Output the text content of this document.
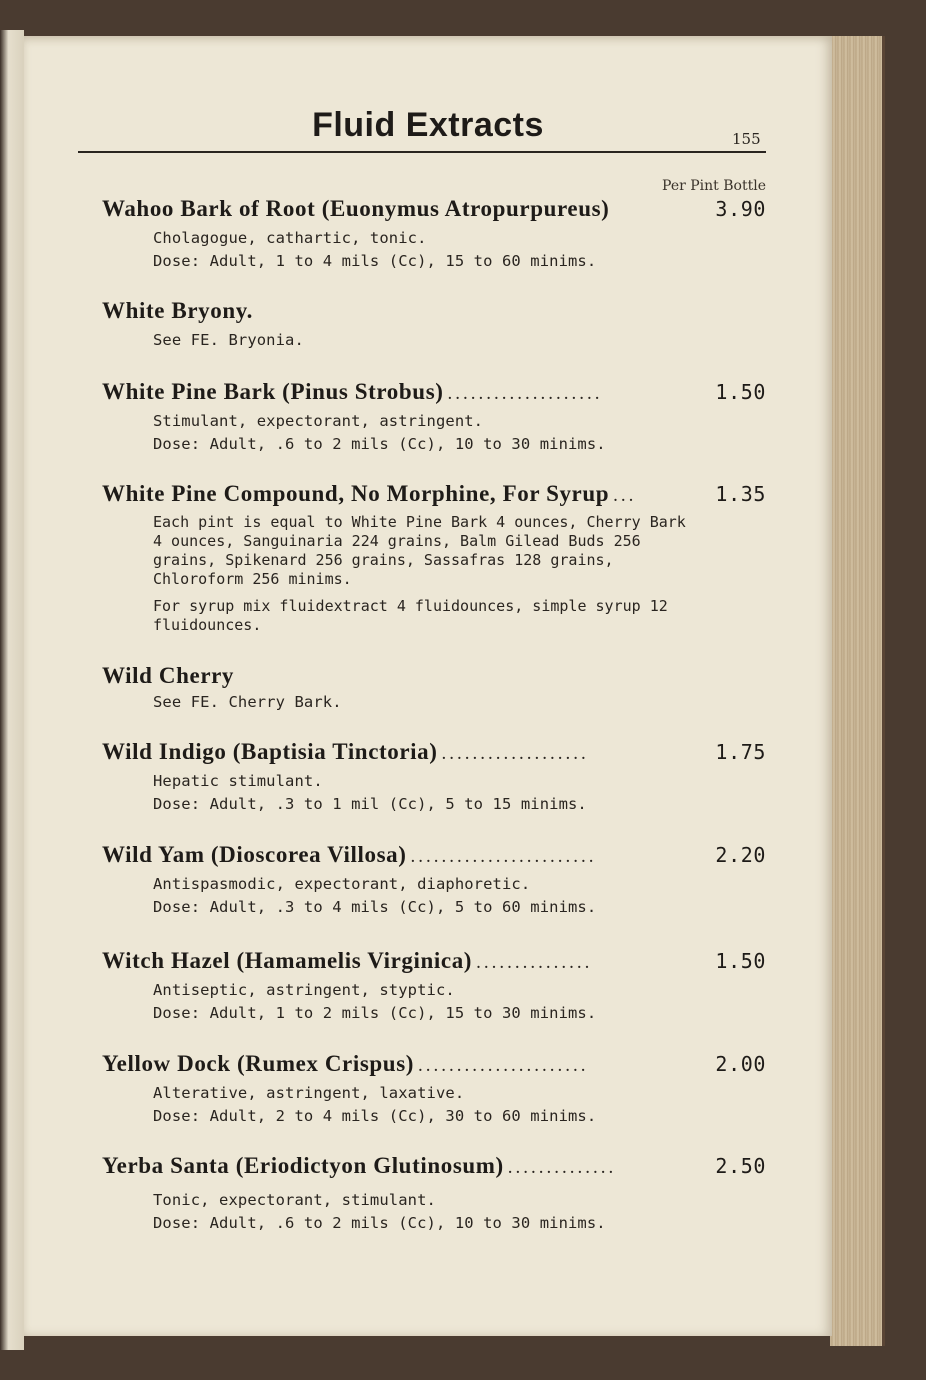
Fluid Extracts	155
Per Pint Bottle
Wahoo Bark of Root (Euonymus Atropurpureus)	3.90
Cholagogue, cathartic, tonic.
Dose: Adult, 1 to 4 mils (Cc), 15 to 60 minims.
White Bryony.
See FE. Bryonia.
White Pine Bark (Pinus Strobus) ....................	1.50
Stimulant, expectorant, astringent.
Dose: Adult, .6 to 2 mils (Cc), 10 to 30 minims.
White Pine Compound, No Morphine, For Syrup ...	1.35
Each pint is equal to White Pine Bark 4 ounces, Cherry Bark 4 ounces, Sanguinaria 224 grains, Balm Gilead Buds 256 grains, Spikenard 256 grains, Sassafras 128 grains, Chloroform 256 minims.
For syrup mix fluidextract 4 fluidounces, simple syrup 12 fluidounces.
Wild Cherry
See FE. Cherry Bark.
Wild Indigo (Baptisia Tinctoria) ...................	1.75
Hepatic stimulant.
Dose: Adult, .3 to 1 mil (Cc), 5 to 15 minims.
Wild Yam (Dioscorea Villosa) ........................	2.20
Antispasmodic, expectorant, diaphoretic.
Dose: Adult, .3 to 4 mils (Cc), 5 to 60 minims.
Witch Hazel (Hamamelis Virginica) ...............	1.50
Antiseptic, astringent, styptic.
Dose: Adult, 1 to 2 mils (Cc), 15 to 30 minims.
Yellow Dock (Rumex Crispus) ......................	2.00
Alterative, astringent, laxative.
Dose: Adult, 2 to 4 mils (Cc), 30 to 60 minims.
Yerba Santa (Eriodictyon Glutinosum) ..............	2.50
Tonic, expectorant, stimulant.
Dose: Adult, .6 to 2 mils (Cc), 10 to 30 minims.
